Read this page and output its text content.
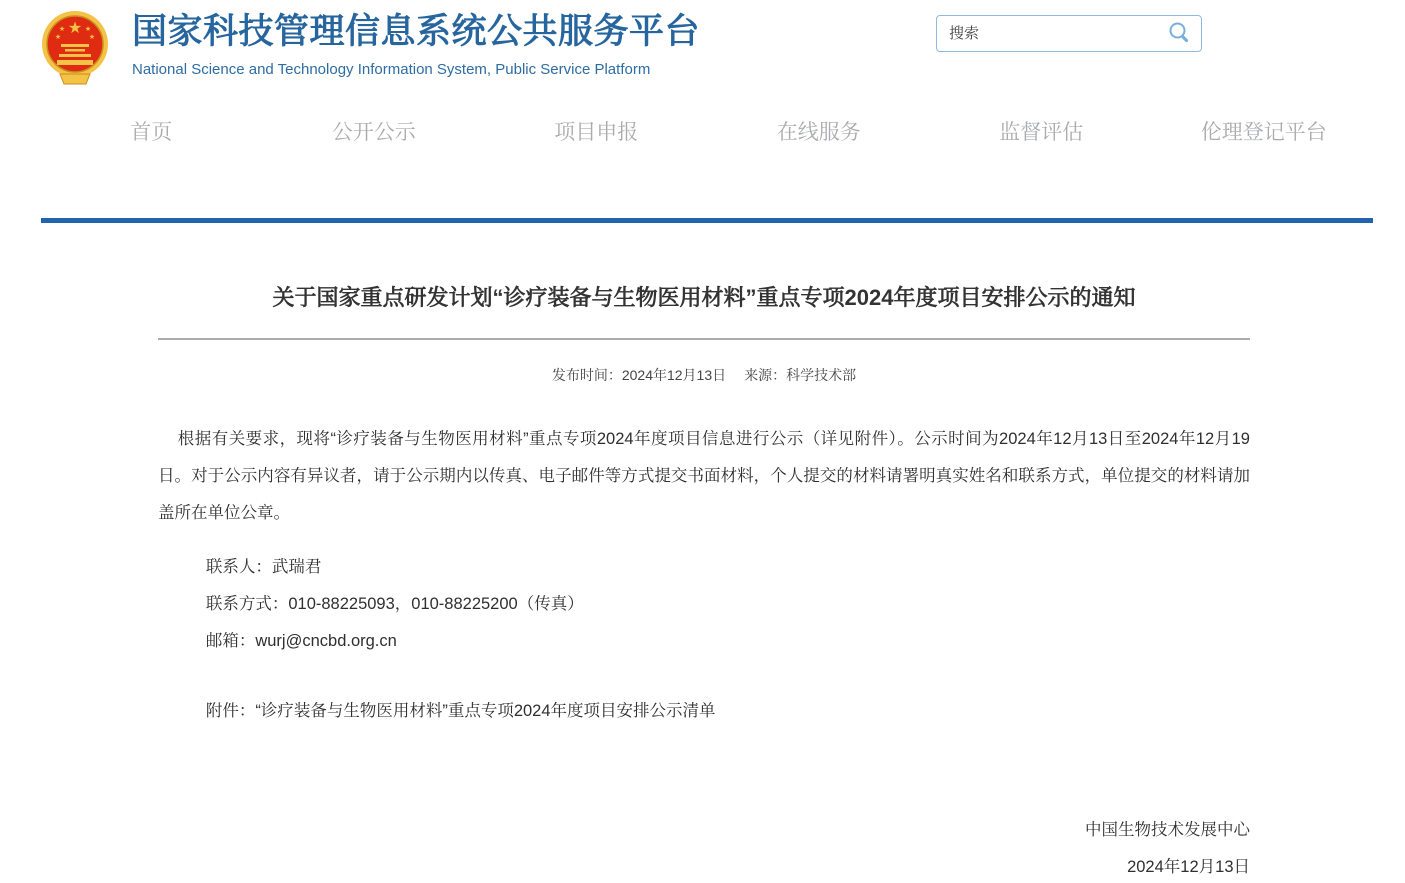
★
★	★
★	★ 国家科技管理信息系统公共服务平台
National Science and Technology Information System, Public Service Platform
搜索
首页	公开公示	项目申报	在线服务	监督评估	伦理登记平台
关于国家重点研发计划“诊疗装备与生物医用材料”重点专项2024年度项目安排公示的通知
发布时间：2024年12月13日 来源：科学技术部

根据有关要求，现将“诊疗装备与生物医用材料”重点专项2024年度项目信息进行公示（详见附件）。公示时间为2024年12月13日至2024年12月19日。对于公示内容有异议者，请于公示期内以传真、电子邮件等方式提交书面材料，个人提交的材料请署明真实姓名和联系方式，单位提交的材料请加盖所在单位公章。

联系人：武瑞君
联系方式：010-88225093，010-88225200（传真）
邮箱：wurj@cncbd.org.cn
附件：“诊疗装备与生物医用材料”重点专项2024年度项目安排公示清单
中国生物技术发展中心
2024年12月13日
